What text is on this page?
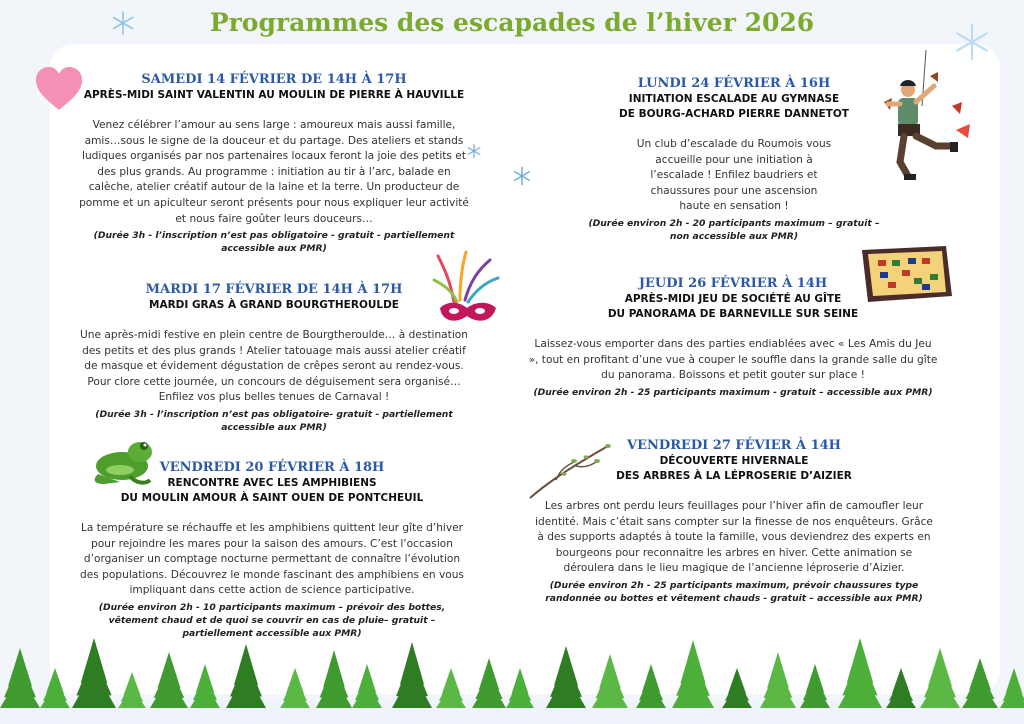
Programmes des escapades de l’hiver 2026
SAMEDI 14 FÉVRIER DE 14H À 17H
APRÈS-MIDI SAINT VALENTIN AU MOULIN DE PIERRE À HAUVILLE
Venez célébrer l’amour au sens large : amoureux mais aussi famille, amis…sous le signe de la douceur et du partage. Des ateliers et stands ludiques organisés par nos partenaires locaux feront la joie des petits et des plus grands. Au programme : initiation au tir à l’arc, balade en calèche, atelier créatif autour de la laine et la terre. Un producteur de pomme et un apiculteur seront présents pour nous expliquer leur activité et nous faire goûter leurs douceurs…
(Durée 3h - l’inscription n’est pas obligatoire - gratuit - partiellement accessible aux PMR)
MARDI 17 FÉVRIER DE 14H À 17H
MARDI GRAS À GRAND BOURGTHEROULDE
Une après-midi festive en plein centre de Bourgtheroulde… à destination des petits et des plus grands ! Atelier tatouage mais aussi atelier créatif de masque et évidement dégustation de crêpes seront au rendez-vous. Pour clore cette journée, un concours de déguisement sera organisé… Enfilez vos plus belles tenues de Carnaval !
(Durée 3h - l’inscription n’est pas obligatoire- gratuit - partiellement accessible aux PMR)
VENDREDI 20 FÉVRIER À 18H
RENCONTRE AVEC LES AMPHIBIENS
DU MOULIN AMOUR À SAINT OUEN DE PONTCHEUIL
La température se réchauffe et les amphibiens quittent leur gîte d’hiver pour rejoindre les mares pour la saison des amours. C’est l’occasion d’organiser un comptage nocturne permettant de connaître l’évolution des populations. Découvrez le monde fascinant des amphibiens en vous impliquant dans cette action de science participative.
(Durée environ 2h - 10 participants maximum – prévoir des bottes, vêtement chaud et de quoi se couvrir en cas de pluie– gratuit – partiellement accessible aux PMR)
LUNDI 24 FÉVRIER À 16H
INITIATION ESCALADE AU GYMNASE
DE BOURG-ACHARD PIERRE DANNETOT
Un club d’escalade du Roumois vous accueille pour une initiation à l’escalade ! Enfilez baudriers et chaussures pour une ascension haute en sensation !
(Durée environ 2h - 20 participants maximum – gratuit – non accessible aux PMR)
JEUDI 26 FÉVRIER À 14H
APRÈS-MIDI JEU DE SOCIÉTÉ AU GÎTE
DU PANORAMA DE BARNEVILLE SUR SEINE
Laissez-vous emporter dans des parties endiablées avec « Les Amis du Jeu », tout en profitant d’une vue à couper le souffle dans la grande salle du gîte du panorama. Boissons et petit gouter sur place !
(Durée environ 2h - 25 participants maximum - gratuit – accessible aux PMR)
VENDREDI 27 FÉVIER À 14H
DÉCOUVERTE HIVERNALE
DES ARBRES À LA LÉPROSERIE D’AIZIER
Les arbres ont perdu leurs feuillages pour l’hiver afin de camoufler leur identité. Mais c’était sans compter sur la finesse de nos enquêteurs. Grâce à des supports adaptés à toute la famille, vous deviendrez des experts en bourgeons pour reconnaitre les arbres en hiver. Cette animation se déroulera dans le lieu magique de l’ancienne léproserie d’Aizier.
(Durée environ 2h - 25 participants maximum, prévoir chaussures type randonnée ou bottes et vêtement chauds - gratuit – accessible aux PMR)
